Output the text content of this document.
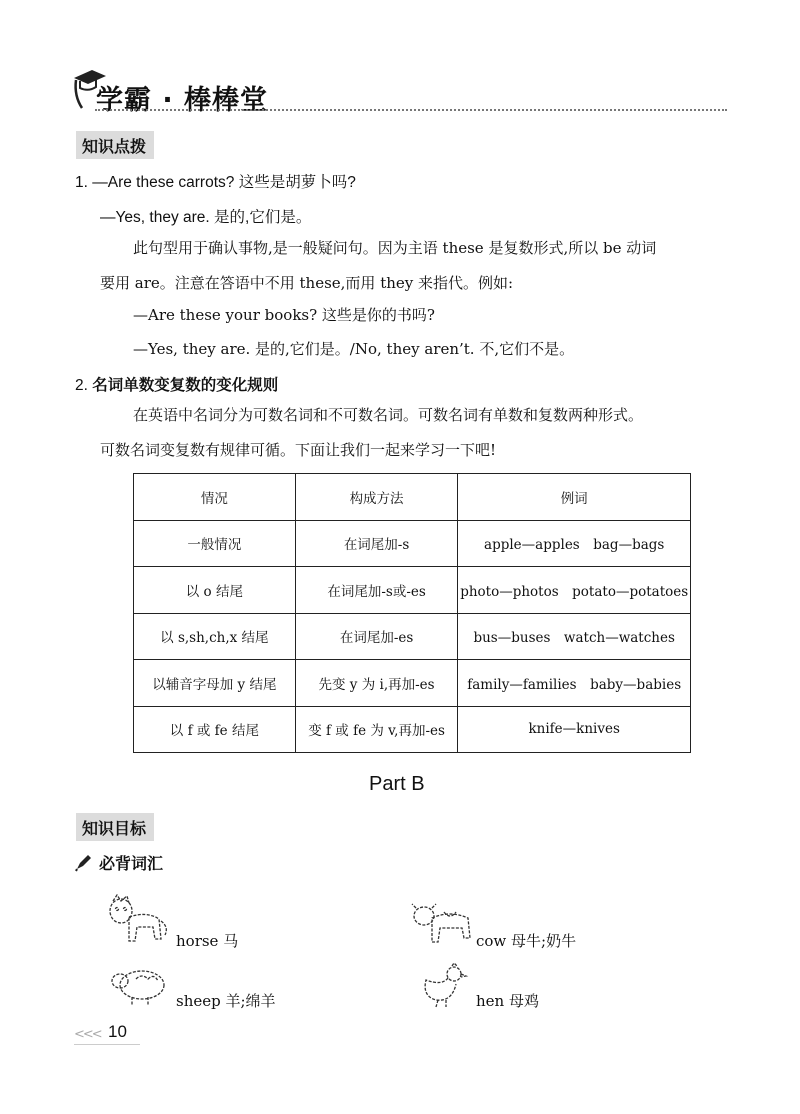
学霸 · 棒棒堂
知识点拨
1. —Are these carrots? 这些是胡萝卜吗?
—Yes, they are. 是的,它们是。
此句型用于确认事物,是一般疑问句。因为主语 these 是复数形式,所以 be 动词
要用 are。注意在答语中不用 these,而用 they 来指代。例如:
—Are these your books? 这些是你的书吗?
—Yes, they are. 是的,它们是。/No, they aren’t. 不,它们不是。
2. 名词单数变复数的变化规则
在英语中名词分为可数名词和不可数名词。可数名词有单数和复数两种形式。
可数名词变复数有规律可循。下面让我们一起来学习一下吧!
情况	构成方法	例词
一般情况	在词尾加-s	apple—apples　bag—bags
以 o 结尾	在词尾加-s或-es	photo—photos　potato—potatoes
以 s,sh,ch,x 结尾	在词尾加-es	bus—buses　watch—watches
以辅音字母加 y 结尾	先变 y 为 i,再加-es	family—families　baby—babies
以 f 或 fe 结尾	变 f 或 fe 为 v,再加-es	knife—knives
Part B
知识目标
必背词汇
horse 马	cow 母牛;奶牛
sheep 羊;绵羊	hen 母鸡
<<< 10
